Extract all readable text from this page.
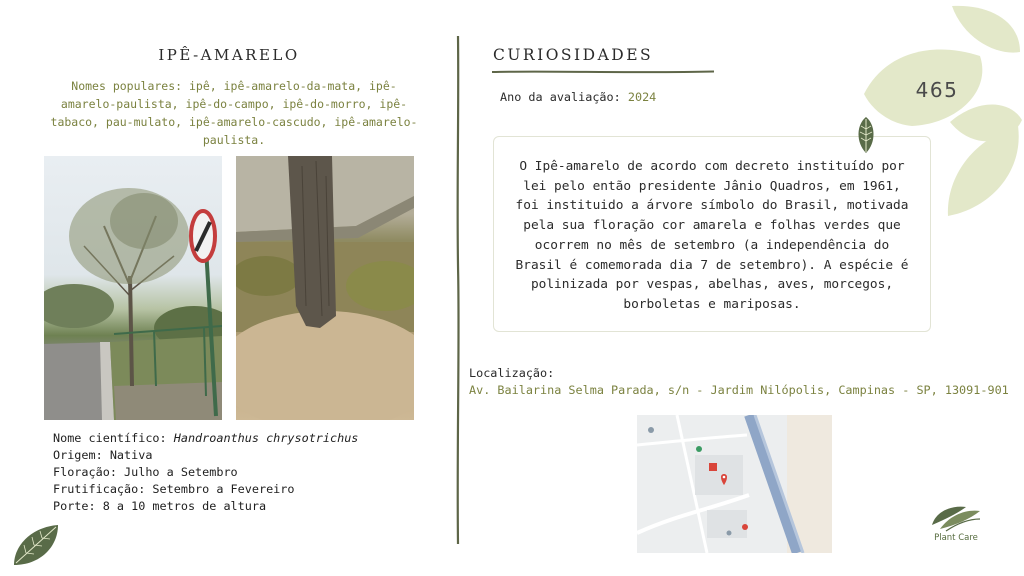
IPÊ-AMARELO
Nomes populares: ipê, ipê-amarelo-da-mata, ipê-amarelo-paulista, ipê-do-campo, ipê-do-morro, ipê-tabaco, pau-mulato, ipê-amarelo-cascudo, ipê-amarelo-paulista.
Nome científico: Handroanthus chrysotrichus
Origem: Nativa
Floração: Julho a Setembro
Frutificação: Setembro a Fevereiro
Porte: 8 a 10 metros de altura
CURIOSIDADES
Ano da avaliação: 2024
O Ipê-amarelo de acordo com decreto instituído por lei pelo então presidente Jânio Quadros, em 1961, foi instituido a árvore símbolo do Brasil, motivada pela sua floração cor amarela e folhas verdes que ocorrem no mês de setembro (a independência do Brasil é comemorada dia 7 de setembro). A espécie é polinizada por vespas, abelhas, aves, morcegos, borboletas e mariposas.
Localização:
Av. Bailarina Selma Parada, s/n - Jardim Nilópolis, Campinas - SP, 13091-901
465
Plant Care
